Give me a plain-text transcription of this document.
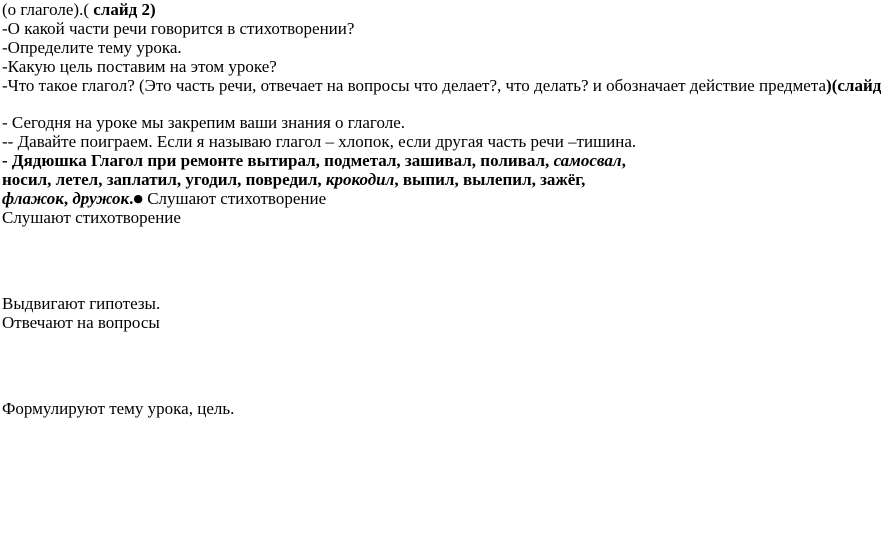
(о глаголе).( слайд 2)
-О какой части речи говорится в стихотворении?
-Определите тему урока.
-Какую цель поставим на этом уроке?
-Что такое глагол? (Это часть речи, отвечает на вопросы что делает?, что делать? и обозначает действие предмета)(слайд
- Сегодня на уроке мы закрепим ваши знания о глаголе.
-- Давайте поиграем. Если я называю глагол – хлопок, если другая часть речи –тишина.
- Дядюшка Глагол при ремонте вытирал, подметал, зашивал, поливал, самосвал,
носил, летел, заплатил, угодил, повредил, крокодил, выпил, вылепил, зажёг,
флажок, дружок.● Слушают стихотворение
Слушают стихотворение
Выдвигают гипотезы.
Отвечают на вопросы
Формулируют тему урока, цель.
